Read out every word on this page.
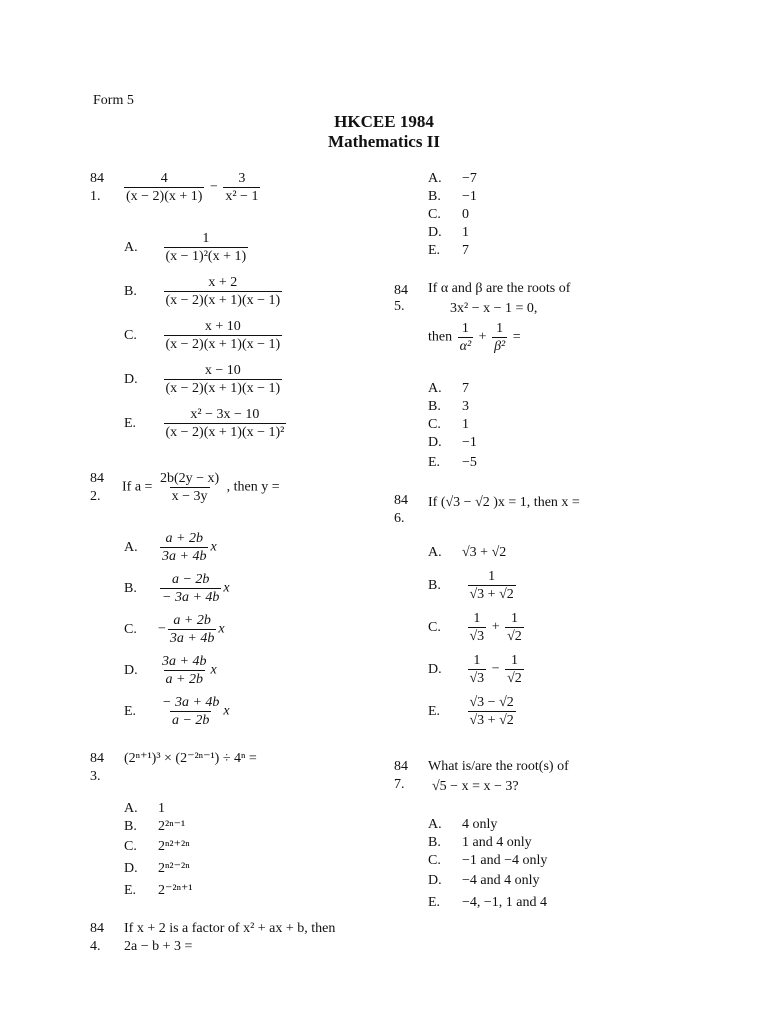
Form 5
HKCEE 1984
Mathematics II
84
1. $\frac{4}{(x - 2)(x + 1)} - \frac{3}{\text{x² − 1}}$
A. $\frac{1}{\text{(x − 1)²(x + 1)}}$
B. $\frac{x + 2}{(x - 2)(x + 1)(x - 1)}$
C. $\frac{x + 10}{(x - 2)(x + 1)(x - 1)}$
D. $\frac{x - 10}{(x - 2)(x + 1)(x - 1)}$
E. $\frac{\text{x² − 3x − 10}}{\text{(x − 2)(x + 1)(x − 1)²}}$
84
2.
If $a = \frac{2b(2y - x)}{x - 3y}$ , then y =
A. $\frac{a + 2b}{3a + 4b}$ x
B. $\frac{a - 2b}{- 3a + 4b}$ x
C. − $\frac{a + 2b}{3a + 4b}$ x
D. $\frac{3a + 4b}{a + 2b}$ x
E. $\frac{- 3a + 4b}{a - 2b}$ x
84
3.
(2ⁿ⁺¹)³ × (2⁻²ⁿ⁻¹) ÷ 4ⁿ =
A. 1
B. 2²ⁿ⁻¹
C. 2ⁿ²⁺²ⁿ
D. 2ⁿ²⁻²ⁿ
E. 2⁻²ⁿ⁺¹
84
4.
If x + 2 is a factor of x² + ax + b, then
2a − b + 3 =
A. −7
B. −1
C. 0
D. 1
E. 7
84
5.
If α and β are the roots of
3x² − x − 1 = 0,
then $\frac{1}{\text{α²}} + \frac{1}{\text{β²}}$ =
A. 7
B. 3
C. 1
D. −1
E. −5
84
6.
If (√3 − √2 )x = 1, then x =
A. √3 + √2
B. $\frac{1}{√3 + √2}$
C. $\frac{1}{√3} + \frac{1}{√2}$
D. $\frac{1}{√3} - \frac{1}{√2}$
E. $\frac{√3 - √2}{√3 + √2}$
84
7.
What is/are the root(s) of
√5 − x = x − 3?
A. 4 only
B. 1 and 4 only
C. −1 and −4 only
D. −4 and 4 only
E. −4, −1, 1 and 4
